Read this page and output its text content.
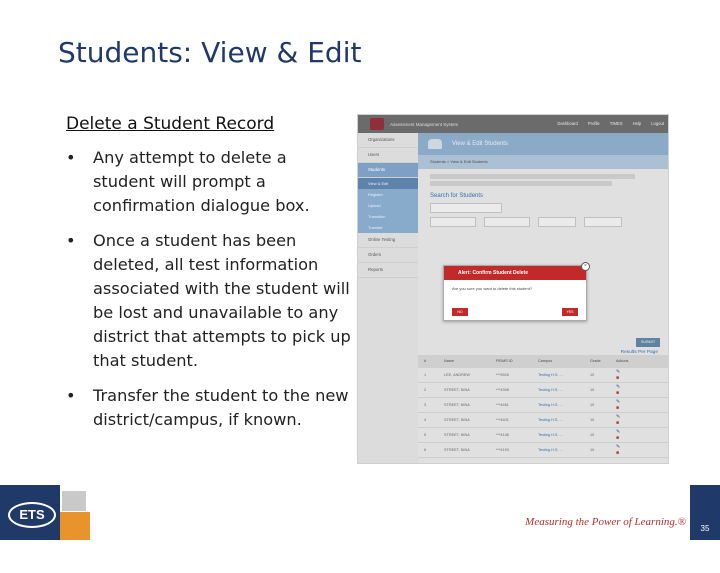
Students: View & Edit
Delete a Student Record
•	Any attempt to delete a student will prompt a confirmation dialogue box.
•	Once a student has been deleted, all test information associated with the student will be lost and unavailable to any district that attempts to pick up that student.
•	Transfer the student to the new district/campus, if known.
Assessment Management System	Dashboard Profile TIMES Help Logout
Organizations
Users
Students
View & Edit
Register
Upload
Transition
Transfer
Online Testing
Orders
Reports
View & Edit Students
Students > View & Edit Students
Search for Students
SUBMIT
Results Per Page
#	Name	PEIMS ID	Campus	Grade	Actions
1	LEE, ANDREW	***3926	Testing H.S. ...	10	✎
■
2	STREET, NINA	***4398	Testing H.S. ...	10	✎
■
3	STREET, NINA	***4461	Testing H.S. ...	10	✎
■
4	STREET, NINA	***4401	Testing H.S. ...	10	✎
■
5	STREET, NINA	***4146	Testing H.S. ...	10	✎
■
6	STREET, NINA	***4193	Testing H.S. ...	10	✎
■
×
Alert: Confirm Student Delete
Are you sure you want to delete this student?
NO	YES
ETS	Measuring the Power of Learning.®
35
